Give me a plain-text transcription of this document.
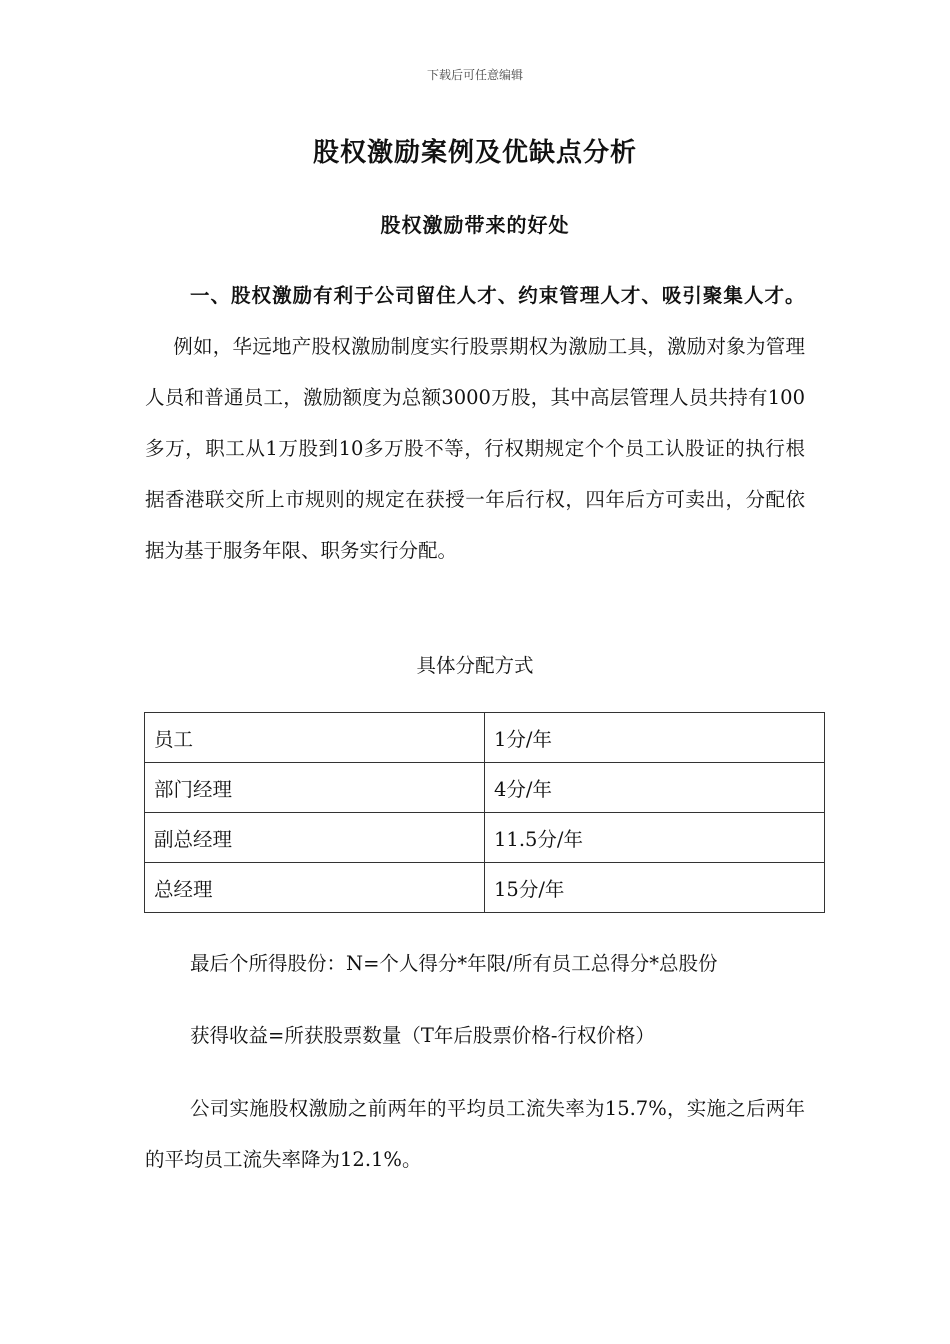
下载后可任意编辑
股权激励案例及优缺点分析
股权激励带来的好处

一、股权激励有利于公司留住人才、约束管理人才、吸引聚集人才。例如，华远地产股权激励制度实行股票期权为激励工具，激励对象为管理人员和普通员工，激励额度为总额3000万股，其中高层管理人员共持有100多万，职工从1万股到10多万股不等，行权期规定个个员工认股证的执行根据香港联交所上市规则的规定在获授一年后行权，四年后方可卖出，分配依据为基于服务年限、职务实行分配。

具体分配方式
员工	1分/年
部门经理	4分/年
副总经理	11.5分/年
总经理	15分/年

最后个所得股份：N=个人得分*年限/所有员工总得分*总股份

获得收益=所获股票数量（T年后股票价格-行权价格）

公司实施股权激励之前两年的平均员工流失率为15.7%，实施之后两年的平均员工流失率降为12.1%。
